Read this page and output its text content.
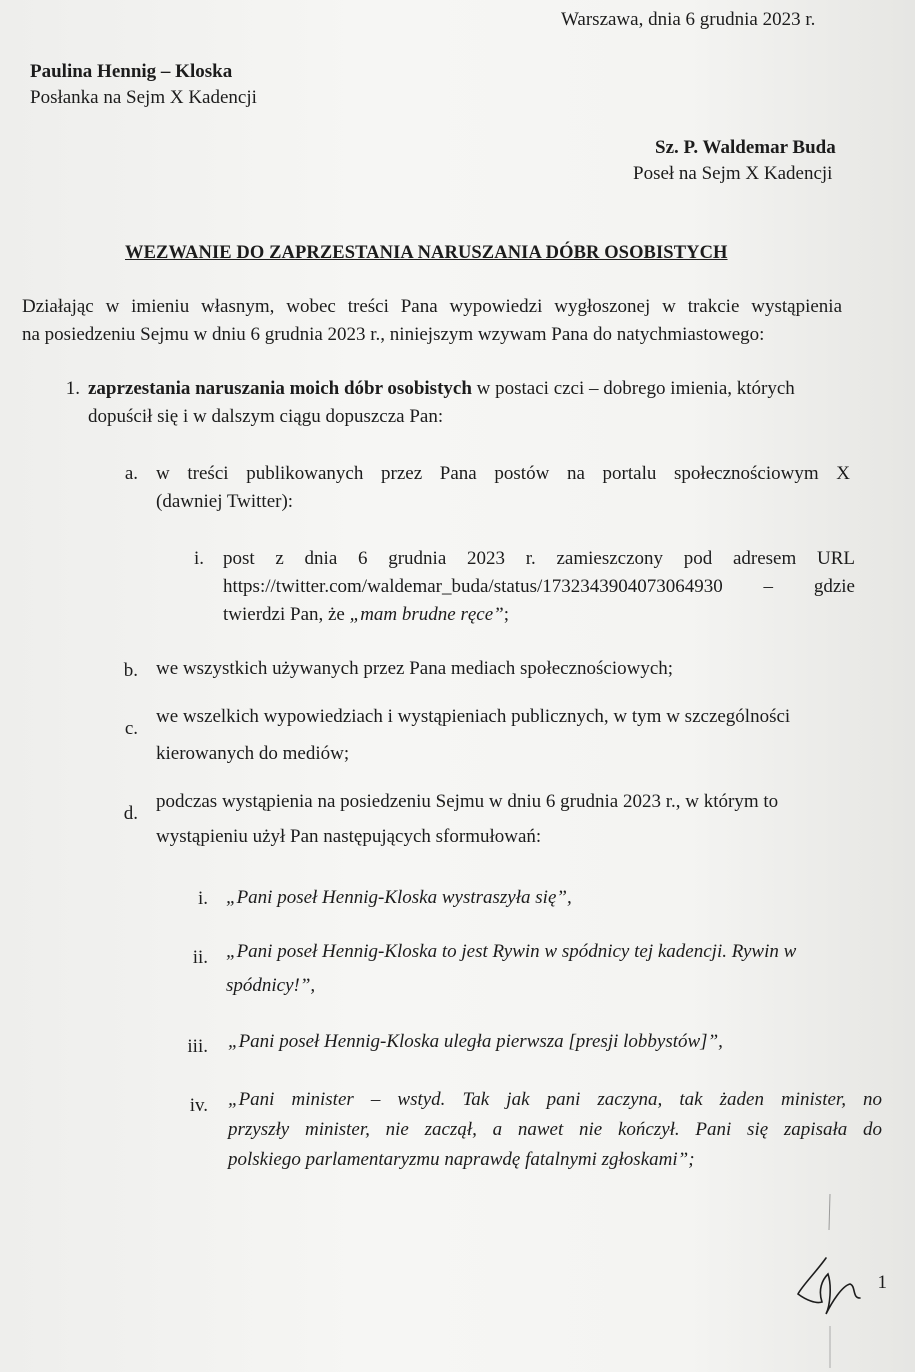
Warszawa, dnia 6 grudnia 2023 r.
Paulina Hennig – Kloska
Posłanka na Sejm X Kadencji
Sz. P. Waldemar Buda
Poseł na Sejm X Kadencji
WEZWANIE DO ZAPRZESTANIA NARUSZANIA DÓBR OSOBISTYCH
Działając w imieniu własnym, wobec treści Pana wypowiedzi wygłoszonej w trakcie wystąpienia
na posiedzeniu Sejmu w dniu 6 grudnia 2023 r., niniejszym wzywam Pana do natychmiastowego:
1. zaprzestania naruszania moich dóbr osobistych w postaci czci – dobrego imienia, których
dopuścił się i w dalszym ciągu dopuszcza Pan:
a. w treści publikowanych przez Pana postów na portalu społecznościowym X
(dawniej Twitter):
i. post z dnia 6 grudnia 2023 r. zamieszczony pod adresem URL
https://twitter.com/waldemar_buda/status/1732343904073064930 – gdzie
twierdzi Pan, że „mam brudne ręce”;
b. we wszystkich używanych przez Pana mediach społecznościowych;
c.
we wszelkich wypowiedziach i wystąpieniach publicznych, w tym w szczególności
kierowanych do mediów;
d.
podczas wystąpienia na posiedzeniu Sejmu w dniu 6 grudnia 2023 r., w którym to
wystąpieniu użył Pan następujących sformułowań:
i. „Pani poseł Hennig-Kloska wystraszyła się”,
ii. „Pani poseł Hennig-Kloska to jest Rywin w spódnicy tej kadencji. Rywin w
spódnicy!”,
iii. „Pani poseł Hennig-Kloska uległa pierwsza [presji lobbystów]”,
iv. „Pani minister – wstyd. Tak jak pani zaczyna, tak żaden minister, no
przyszły minister, nie zaczął, a nawet nie kończył. Pani się zapisała do
polskiego parlamentaryzmu naprawdę fatalnymi zgłoskami”;
1
